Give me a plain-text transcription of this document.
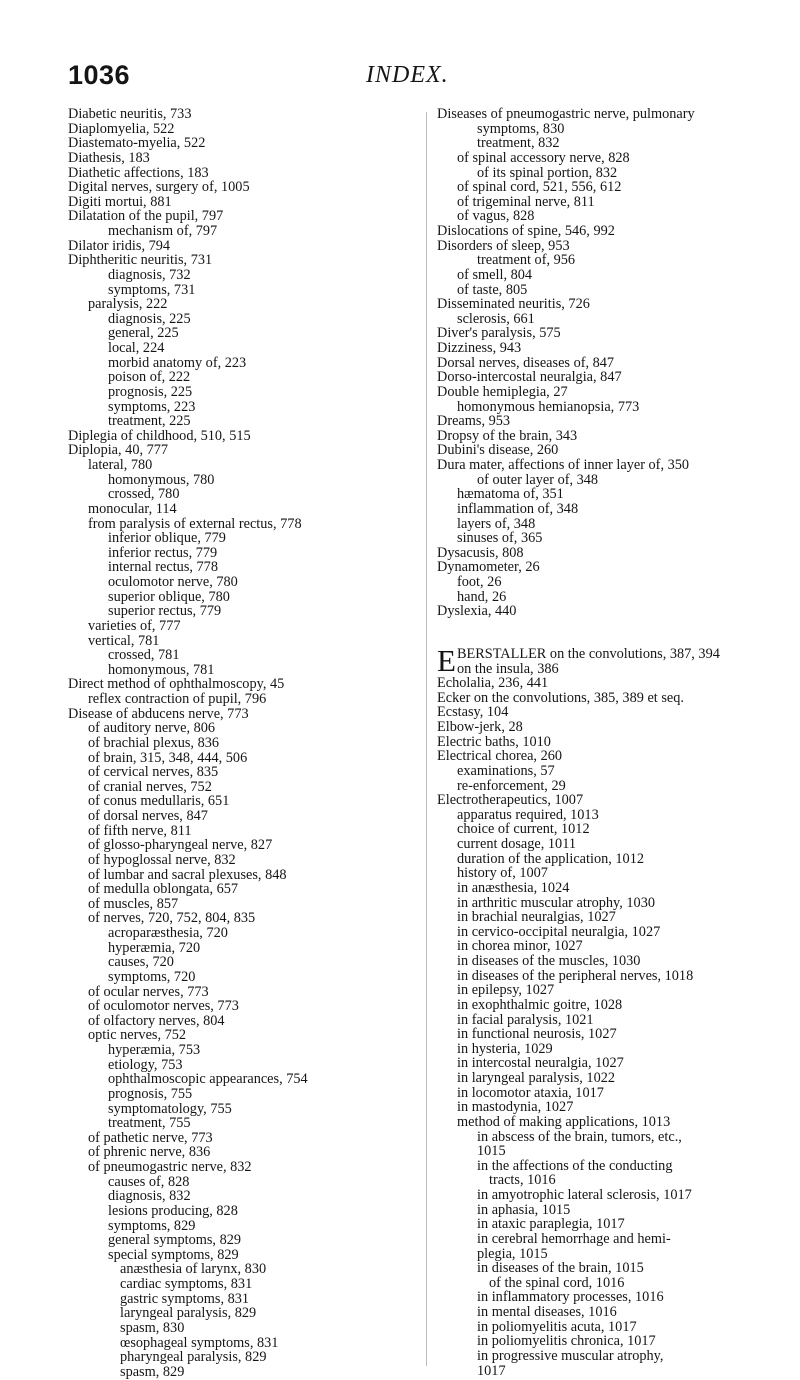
1036	INDEX.
Diabetic neuritis, 733
Diaplomyelia, 522
Diastemato-myelia, 522
Diathesis, 183
Diathetic affections, 183
Digital nerves, surgery of, 1005
Digiti mortui, 881
Dilatation of the pupil, 797
mechanism of, 797
Dilator iridis, 794
Diphtheritic neuritis, 731
diagnosis, 732
symptoms, 731
paralysis, 222
diagnosis, 225
general, 225
local, 224
morbid anatomy of, 223
poison of, 222
prognosis, 225
symptoms, 223
treatment, 225
Diplegia of childhood, 510, 515
Diplopia, 40, 777
lateral, 780
homonymous, 780
crossed, 780
monocular, 114
from paralysis of external rectus, 778
inferior oblique, 779
inferior rectus, 779
internal rectus, 778
oculomotor nerve, 780
superior oblique, 780
superior rectus, 779
varieties of, 777
vertical, 781
crossed, 781
homonymous, 781
Direct method of ophthalmoscopy, 45
reflex contraction of pupil, 796
Disease of abducens nerve, 773
of auditory nerve, 806
of brachial plexus, 836
of brain, 315, 348, 444, 506
of cervical nerves, 835
of cranial nerves, 752
of conus medullaris, 651
of dorsal nerves, 847
of fifth nerve, 811
of glosso-pharyngeal nerve, 827
of hypoglossal nerve, 832
of lumbar and sacral plexuses, 848
of medulla oblongata, 657
of muscles, 857
of nerves, 720, 752, 804, 835
acroparæsthesia, 720
hyperæmia, 720
causes, 720
symptoms, 720
of ocular nerves, 773
of oculomotor nerves, 773
of olfactory nerves, 804
optic nerves, 752
hyperæmia, 753
etiology, 753
ophthalmoscopic appearances, 754
prognosis, 755
symptomatology, 755
treatment, 755
of pathetic nerve, 773
of phrenic nerve, 836
of pneumogastric nerve, 832
causes of, 828
diagnosis, 832
lesions producing, 828
symptoms, 829
general symptoms, 829
special symptoms, 829
anæsthesia of larynx, 830
cardiac symptoms, 831
gastric symptoms, 831
laryngeal paralysis, 829
spasm, 830
œsophageal symptoms, 831
pharyngeal paralysis, 829
spasm, 829
Diseases of pneumogastric nerve, pulmonary
symptoms, 830
treatment, 832
of spinal accessory nerve, 828
of its spinal portion, 832
of spinal cord, 521, 556, 612
of trigeminal nerve, 811
of vagus, 828
Dislocations of spine, 546, 992
Disorders of sleep, 953
treatment of, 956
of smell, 804
of taste, 805
Disseminated neuritis, 726
sclerosis, 661
Diver's paralysis, 575
Dizziness, 943
Dorsal nerves, diseases of, 847
Dorso-intercostal neuralgia, 847
Double hemiplegia, 27
homonymous hemianopsia, 773
Dreams, 953
Dropsy of the brain, 343
Dubini's disease, 260
Dura mater, affections of inner layer of, 350
of outer layer of, 348
hæmatoma of, 351
inflammation of, 348
layers of, 348
sinuses of, 365
Dysacusis, 808
Dynamometer, 26
foot, 26
hand, 26
Dyslexia, 440
EBERSTALLER on the convolutions, 387, 394
on the insula, 386
Echolalia, 236, 441
Ecker on the convolutions, 385, 389 et seq.
Ecstasy, 104
Elbow-jerk, 28
Electric baths, 1010
Electrical chorea, 260
examinations, 57
re-enforcement, 29
Electrotherapeutics, 1007
apparatus required, 1013
choice of current, 1012
current dosage, 1011
duration of the application, 1012
history of, 1007
in anæsthesia, 1024
in arthritic muscular atrophy, 1030
in brachial neuralgias, 1027
in cervico-occipital neuralgia, 1027
in chorea minor, 1027
in diseases of the muscles, 1030
in diseases of the peripheral nerves, 1018
in epilepsy, 1027
in exophthalmic goitre, 1028
in facial paralysis, 1021
in functional neurosis, 1027
in hysteria, 1029
in intercostal neuralgia, 1027
in laryngeal paralysis, 1022
in locomotor ataxia, 1017
in mastodynia, 1027
method of making applications, 1013
in abscess of the brain, tumors, etc.,
1015
in the affections of the conducting
tracts, 1016
in amyotrophic lateral sclerosis, 1017
in aphasia, 1015
in ataxic paraplegia, 1017
in cerebral hemorrhage and hemi-
plegia, 1015
in diseases of the brain, 1015
of the spinal cord, 1016
in inflammatory processes, 1016
in mental diseases, 1016
in poliomyelitis acuta, 1017
in poliomyelitis chronica, 1017
in progressive muscular atrophy,
1017
